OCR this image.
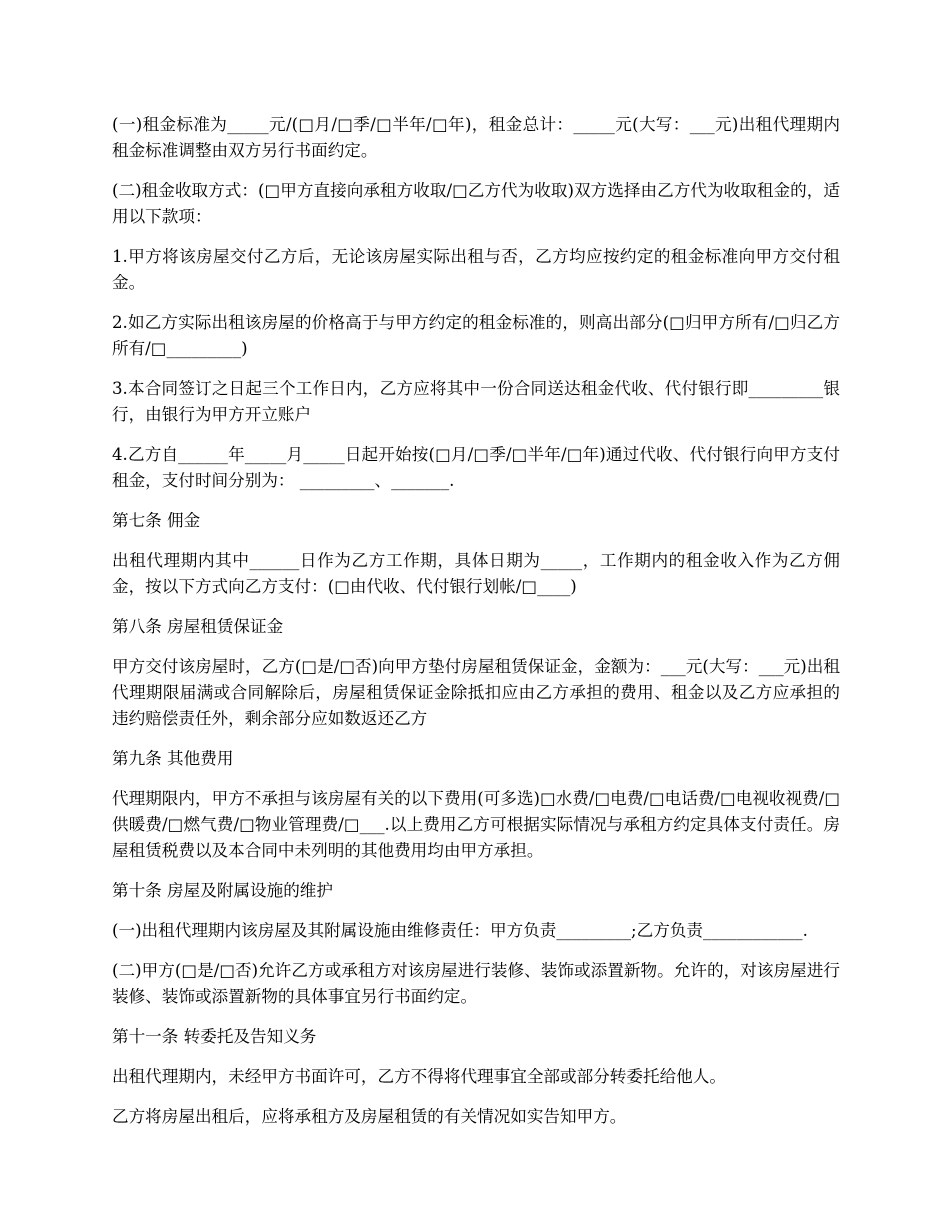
(一)租金标准为_____元/(□月/□季/□半年/□年)，租金总计：_____元(大写：___元)出租代理期内租金标准调整由双方另行书面约定。
(二)租金收取方式：(□甲方直接向承租方收取/□乙方代为收取)双方选择由乙方代为收取租金的，适用以下款项：
1.甲方将该房屋交付乙方后，无论该房屋实际出租与否，乙方均应按约定的租金标准向甲方交付租金。
2.如乙方实际出租该房屋的价格高于与甲方约定的租金标准的，则高出部分(□归甲方所有/□归乙方所有/□_________)
3.本合同签订之日起三个工作日内，乙方应将其中一份合同送达租金代收、代付银行即_________银行，由银行为甲方开立账户
4.乙方自______年_____月_____日起开始按(□月/□季/□半年/□年)通过代收、代付银行向甲方支付租金，支付时间分别为： _________、_______.
第七条 佣金
出租代理期内其中______日作为乙方工作期，具体日期为_____，工作期内的租金收入作为乙方佣金，按以下方式向乙方支付：(□由代收、代付银行划帐/□____)
第八条 房屋租赁保证金
甲方交付该房屋时，乙方(□是/□否)向甲方垫付房屋租赁保证金，金额为：___元(大写：___元)出租代理期限届满或合同解除后，房屋租赁保证金除抵扣应由乙方承担的费用、租金以及乙方应承担的违约赔偿责任外，剩余部分应如数返还乙方
第九条 其他费用
代理期限内，甲方不承担与该房屋有关的以下费用(可多选)□水费/□电费/□电话费/□电视收视费/□供暖费/□燃气费/□物业管理费/□___.以上费用乙方可根据实际情况与承租方约定具体支付责任。房屋租赁税费以及本合同中未列明的其他费用均由甲方承担。
第十条 房屋及附属设施的维护
(一)出租代理期内该房屋及其附属设施由维修责任：甲方负责_________;乙方负责____________.
(二)甲方(□是/□否)允许乙方或承租方对该房屋进行装修、装饰或添置新物。允许的，对该房屋进行装修、装饰或添置新物的具体事宜另行书面约定。
第十一条 转委托及告知义务
出租代理期内，未经甲方书面许可，乙方不得将代理事宜全部或部分转委托给他人。
乙方将房屋出租后，应将承租方及房屋租赁的有关情况如实告知甲方。
